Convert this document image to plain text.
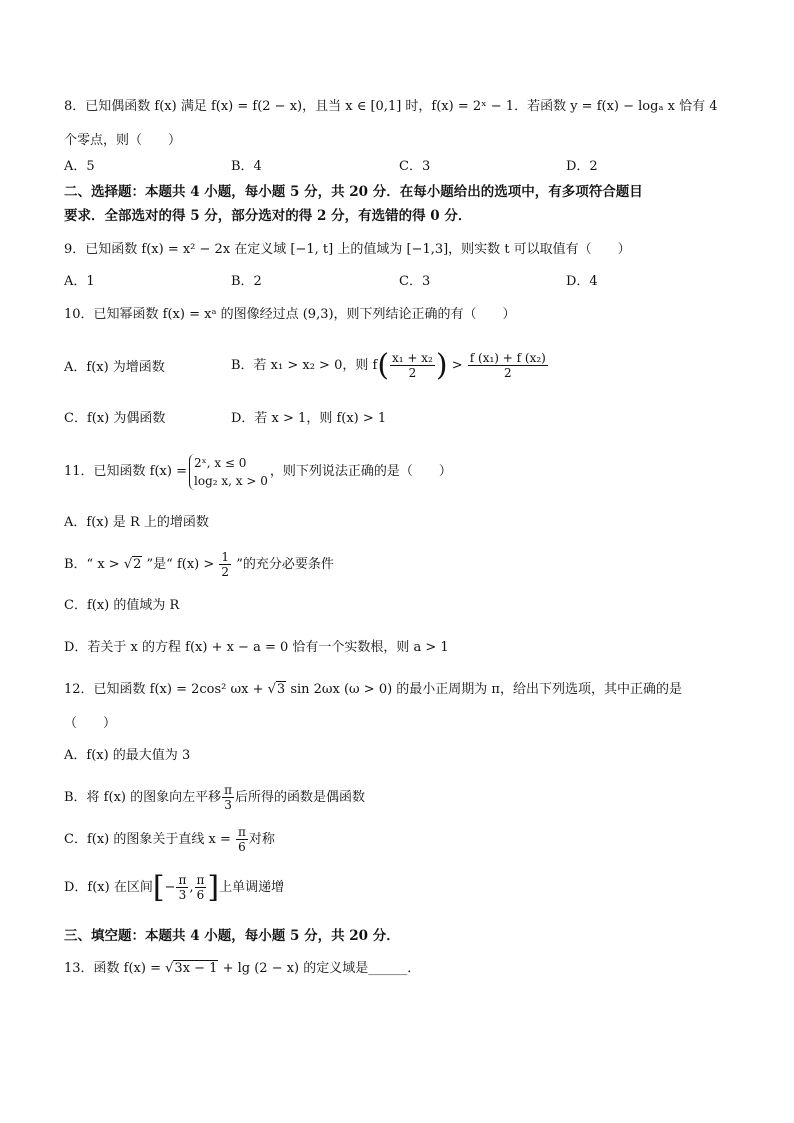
8．已知偶函数 f(x) 满足 f(x) = f(2 − x)，且当 x ∈ [0,1] 时，f(x) = 2ˣ − 1．若函数 y = f(x) − logₐ x 恰有 4
个零点，则（　　）
A．5	B．4	C．3	D．2
二、选择题：本题共 4 小题，每小题 5 分，共 20 分．在每小题给出的选项中，有多项符合题目
要求．全部选对的得 5 分，部分选对的得 2 分，有选错的得 0 分．
9．已知函数 f(x) = x² − 2x 在定义域 [−1, t] 上的值域为 [−1,3]，则实数 t 可以取值有（　　）
A．1	B．2	C．3	D．4
10．已知幂函数 f(x) = xᵃ 的图像经过点 (9,3)，则下列结论正确的有（　　）
A．f(x) 为增函数	B．若 x₁ > x₂ > 0，则 $f( \frac{\text{x₁ + x₂}}{2}$ ) > $\frac{\text{f (x₁) + f (x₂)}}{2}$
C．f(x) 为偶函数	D．若 x > 1，则 f(x) > 1
11．已知函数 f(x) =
2ˣ, x ≤ 0
log₂ x, x > 0
，则下列说法正确的是（　　）
A．f(x) 是 R 上的增函数
B．“ x > √2 ”是“ $f(x) > \frac{1}{2}$ ”的充分必要条件
C．f(x) 的值域为 R
D．若关于 x 的方程 f(x) + x − a = 0 恰有一个实数根，则 a > 1
12．已知函数 f(x) = 2cos² ωx + √3 sin 2ωx (ω > 0) 的最小正周期为 π，给出下列选项，其中正确的是
（　　）
A．f(x) 的最大值为 3
B．将 f(x) 的图象向左平移 $\frac{\pi}{3}$ 后所得的函数是偶函数
C．f(x) 的图象关于直线 $x = \frac{\pi}{6}$ 对称
D．f(x) 在区间[− $\frac{\pi}{3}$ , $\frac{\pi}{6}$ ]上单调递增
三、填空题：本题共 4 小题，每小题 5 分，共 20 分．
13．函数 f(x) = √3x − 1 + lg (2 − x) 的定义域是______．
